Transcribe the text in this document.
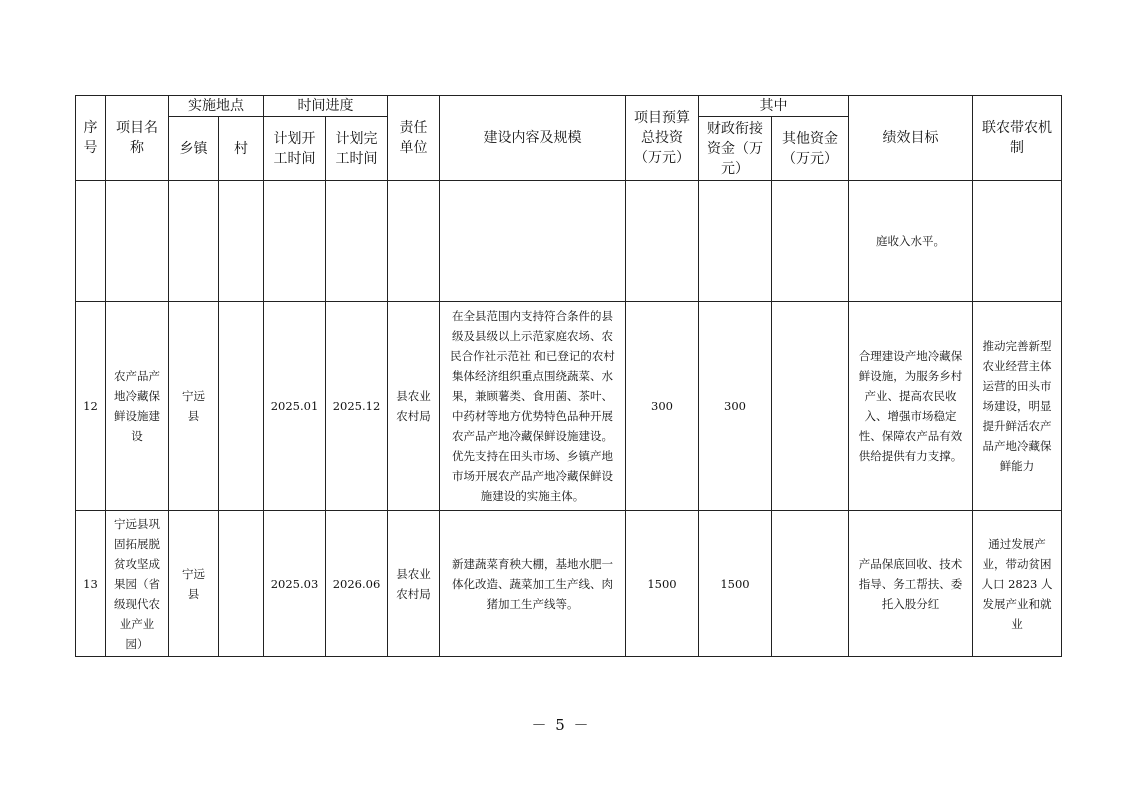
序号	项目名称	实施地点		时间进度		责任单位	建设内容及规模	项目预算总投资（万元）	其中		绩效目标	联农带农机制
		乡镇	村	计划开工时间	计划完工时间				财政衔接资金（万元）	其他资金（万元）		
											庭收入水平。	
12	农产品产地冷藏保鲜设施建设	宁远县		2025.01	2025.12	县农业农村局	在全县范围内支持符合条件的县级及县级以上示范家庭农场、农民合作社示范社 和已登记的农村集体经济组织重点围绕蔬菜、水果，兼顾薯类、食用菌、茶叶、中药材等地方优势特色品种开展农产品产地冷藏保鲜设施建设。优先支持在田头市场、乡镇产地市场开展农产品产地冷藏保鲜设施建设的实施主体。	300	300		合理建设产地冷藏保鲜设施，为服务乡村产业、提高农民收入、增强市场稳定性、保障农产品有效供给提供有力支撑。	推动完善新型农业经营主体运营的田头市场建设，明显提升鲜活农产品产地冷藏保鲜能力
13	宁远县巩固拓展脱贫攻坚成果园（省级现代农业产业园）	宁远县		2025.03	2026.06	县农业农村局	新建蔬菜育秧大棚，基地水肥一体化改造、蔬菜加工生产线、肉猪加工生产线等。	1500	1500		产品保底回收、技术指导、务工帮扶、委托入股分红	通过发展产业，带动贫困人口 2823 人发展产业和就业
－ 5 －
